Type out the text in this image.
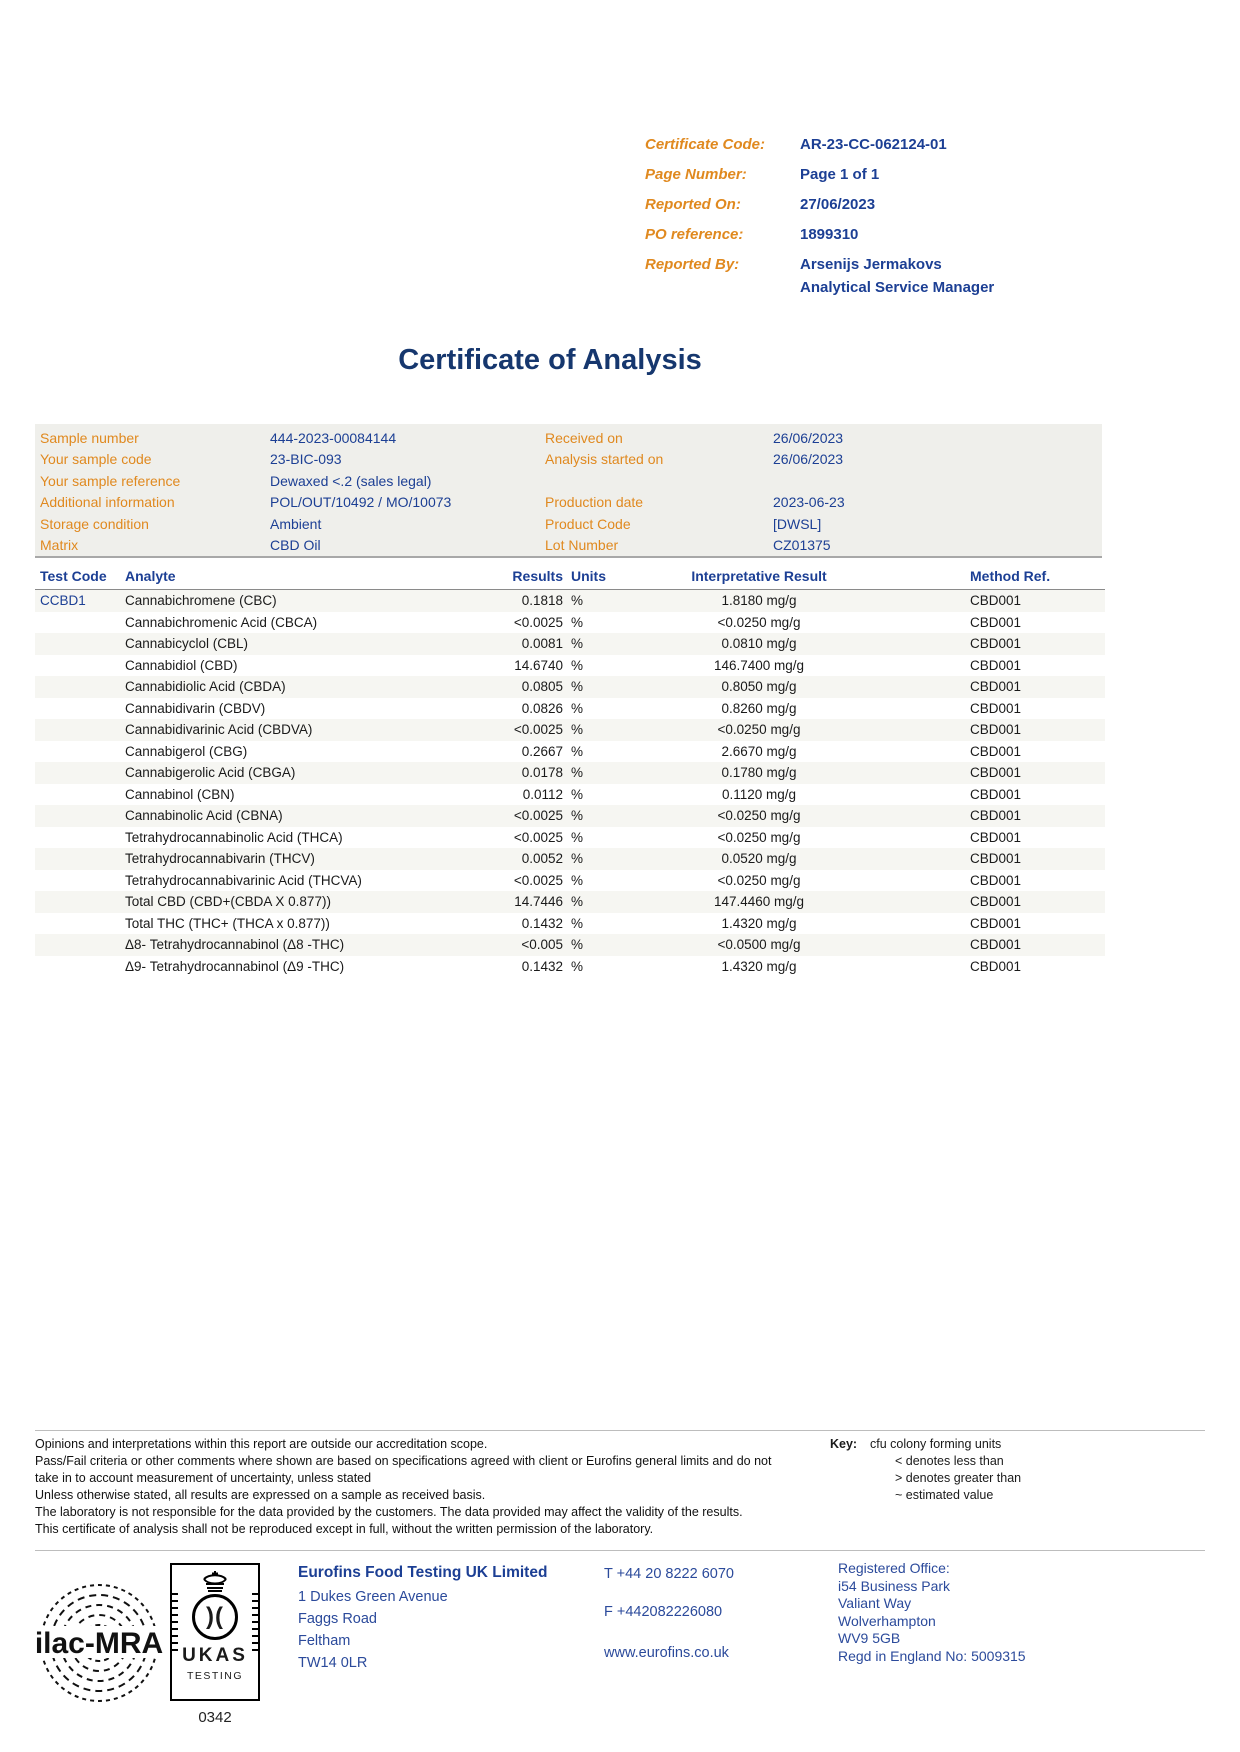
Certificate Code:	AR-23-CC-062124-01
Page Number:	Page 1 of 1
Reported On:	27/06/2023
PO reference:	1899310
Reported By:	Arsenijs Jermakovs
Analytical Service Manager
Certificate of Analysis
Sample number	444-2023-00084144	Received on	26/06/2023
Your sample code	23-BIC-093	Analysis started on	26/06/2023
Your sample reference	Dewaxed <.2 (sales legal)
Additional information	POL/OUT/10492 / MO/10073	Production date	2023-06-23
Storage condition	Ambient	Product Code	[DWSL]
Matrix	CBD Oil	Lot Number	CZ01375
Test Code	Analyte	Results Units	Interpretative Result	Method Ref.
CCBD1	Cannabichromene (CBC)	0.1818 %	1.8180 mg/g	CBD001
Cannabichromenic Acid (CBCA)	<0.0025 %	<0.0250 mg/g	CBD001
Cannabicyclol (CBL)	0.0081 %	0.0810 mg/g	CBD001
Cannabidiol (CBD)	14.6740 %	146.7400 mg/g	CBD001
Cannabidiolic Acid (CBDA)	0.0805 %	0.8050 mg/g	CBD001
Cannabidivarin (CBDV)	0.0826 %	0.8260 mg/g	CBD001
Cannabidivarinic Acid (CBDVA)	<0.0025 %	<0.0250 mg/g	CBD001
Cannabigerol (CBG)	0.2667 %	2.6670 mg/g	CBD001
Cannabigerolic Acid (CBGA)	0.0178 %	0.1780 mg/g	CBD001
Cannabinol (CBN)	0.0112 %	0.1120 mg/g	CBD001
Cannabinolic Acid (CBNA)	<0.0025 %	<0.0250 mg/g	CBD001
Tetrahydrocannabinolic Acid (THCA)	<0.0025 %	<0.0250 mg/g	CBD001
Tetrahydrocannabivarin (THCV)	0.0052 %	0.0520 mg/g	CBD001
Tetrahydrocannabivarinic Acid (THCVA)	<0.0025 %	<0.0250 mg/g	CBD001
Total CBD (CBD+(CBDA X 0.877))	14.7446 %	147.4460 mg/g	CBD001
Total THC (THC+ (THCA x 0.877))	0.1432 %	1.4320 mg/g	CBD001
Δ8- Tetrahydrocannabinol (Δ8 -THC)	<0.005 %	<0.0500 mg/g	CBD001
Δ9- Tetrahydrocannabinol (Δ9 -THC)	0.1432 %	1.4320 mg/g	CBD001
Opinions and interpretations within this report are outside our accreditation scope.
Pass/Fail criteria or other comments where shown are based on specifications agreed with client or Eurofins general limits and do not
take in to account measurement of uncertainty, unless stated
Unless otherwise stated, all results are expressed on a sample as received basis.
The laboratory is not responsible for the data provided by the customers. The data provided may affect the validity of the results.
This certificate of analysis shall not be reproduced except in full, without the written permission of the laboratory.
Key:	cfu colony forming units
< denotes less than
> denotes greater than
~ estimated value
ilac-MRA
)(
UKAS
TESTING
0342
Eurofins Food Testing UK Limited
1 Dukes Green Avenue
Faggs Road
Feltham
TW14 0LR
T +44 20 8222 6070
F +442082226080
www.eurofins.co.uk
Registered Office:
i54 Business Park
Valiant Way
Wolverhampton
WV9 5GB
Regd in England No: 5009315
